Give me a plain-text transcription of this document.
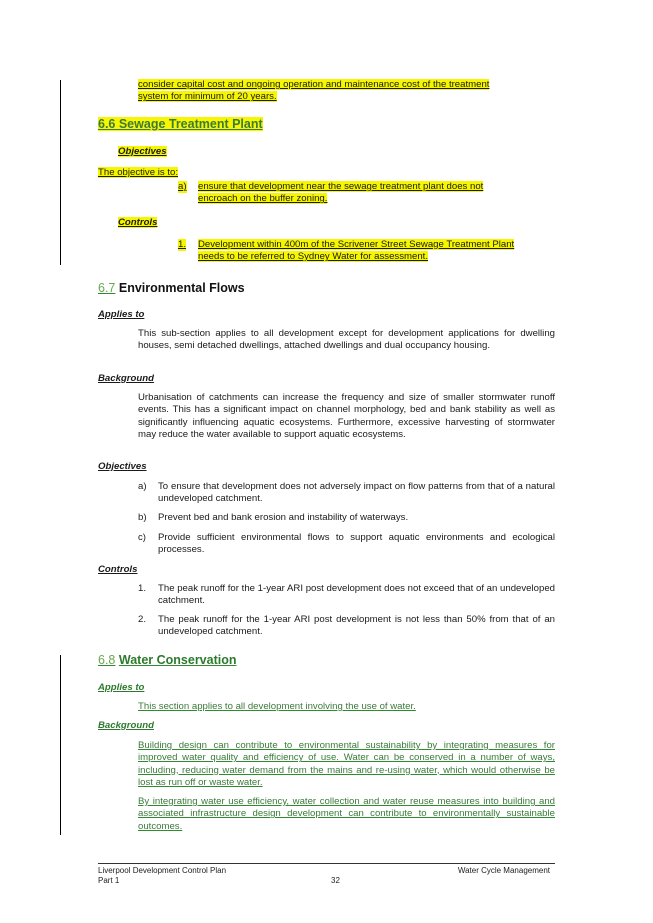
consider capital cost and ongoing operation and maintenance cost of the treatment
system for minimum of 20 years.
6.6 Sewage Treatment Plant
Objectives
The objective is to:
a) ensure that development near the sewage treatment plant does not
encroach on the buffer zoning.
Controls
1. Development within 400m of the Scrivener Street Sewage Treatment Plant
needs to be referred to Sydney Water for assessment.
6.7 Environmental Flows
Applies to
This sub-section applies to all development except for development applications for dwelling houses, semi detached dwellings, attached dwellings and dual occupancy housing.
Background
Urbanisation of catchments can increase the frequency and size of smaller stormwater runoff events. This has a significant impact on channel morphology, bed and bank stability as well as significantly influencing aquatic ecosystems. Furthermore, excessive harvesting of stormwater may reduce the water available to support aquatic ecosystems.
Objectives
a) To ensure that development does not adversely impact on flow patterns from that of a natural undeveloped catchment.
b) Prevent bed and bank erosion and instability of waterways.
c) Provide sufficient environmental flows to support aquatic environments and ecological processes.
Controls
1. The peak runoff for the 1-year ARI post development does not exceed that of an undeveloped catchment.
2. The peak runoff for the 1-year ARI post development is not less than 50% from that of an undeveloped catchment.
6.8 Water Conservation
Applies to
This section applies to all development involving the use of water.
Background
Building design can contribute to environmental sustainability by integrating measures for improved water quality and efficiency of use. Water can be conserved in a number of ways, including, reducing water demand from the mains and re-using water, which would otherwise be lost as run off or waste water.
By integrating water use efficiency, water collection and water reuse measures into building and associated infrastructure design development can contribute to environmentally sustainable outcomes.
Liverpool Development Control Plan
Part 1	32
Water Cycle Management
